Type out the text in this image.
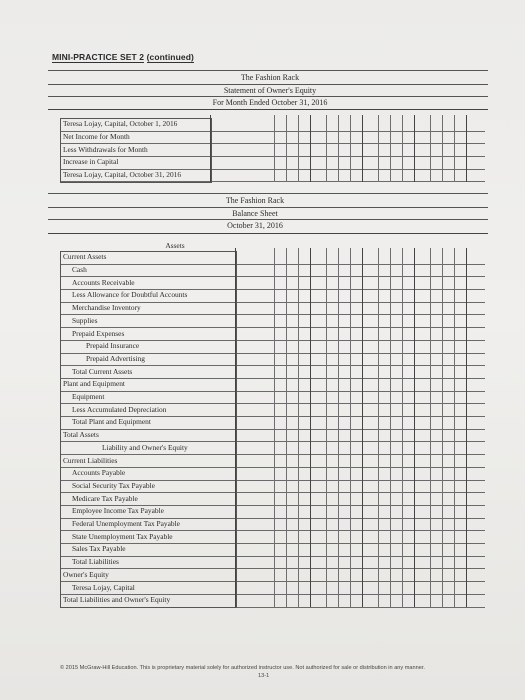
MINI-PRACTICE SET 2 (continued)
The Fashion Rack
Statement of Owner's Equity
For Month Ended October 31, 2016
Teresa Lojay, Capital, October 1, 2016
Net Income for Month
Less Withdrawals for Month
Increase in Capital
Teresa Lojay, Capital, October 31, 2016
The Fashion Rack
Balance Sheet
October 31, 2016
Assets
Current Assets
Cash
Accounts Receivable
Less Allowance for Doubtful Accounts
Merchandise Inventory
Supplies
Prepaid Expenses
Prepaid Insurance
Prepaid Advertising
Total Current Assets
Plant and Equipment
Equipment
Less Accumulated Depreciation
Total Plant and Equipment
Total Assets
Liability and Owner's Equity
Current Liabilities
Accounts Payable
Social Security Tax Payable
Medicare Tax Payable
Employee Income Tax Payable
Federal Unemployment Tax Payable
State Unemployment Tax Payable
Sales Tax Payable
Total Liabilities
Owner's Equity
Teresa Lojay, Capital
Total Liabilities and Owner's Equity
© 2015 McGraw-Hill Education. This is proprietary material solely for authorized instructor use. Not authorized for sale or distribution in any manner.
13-1
